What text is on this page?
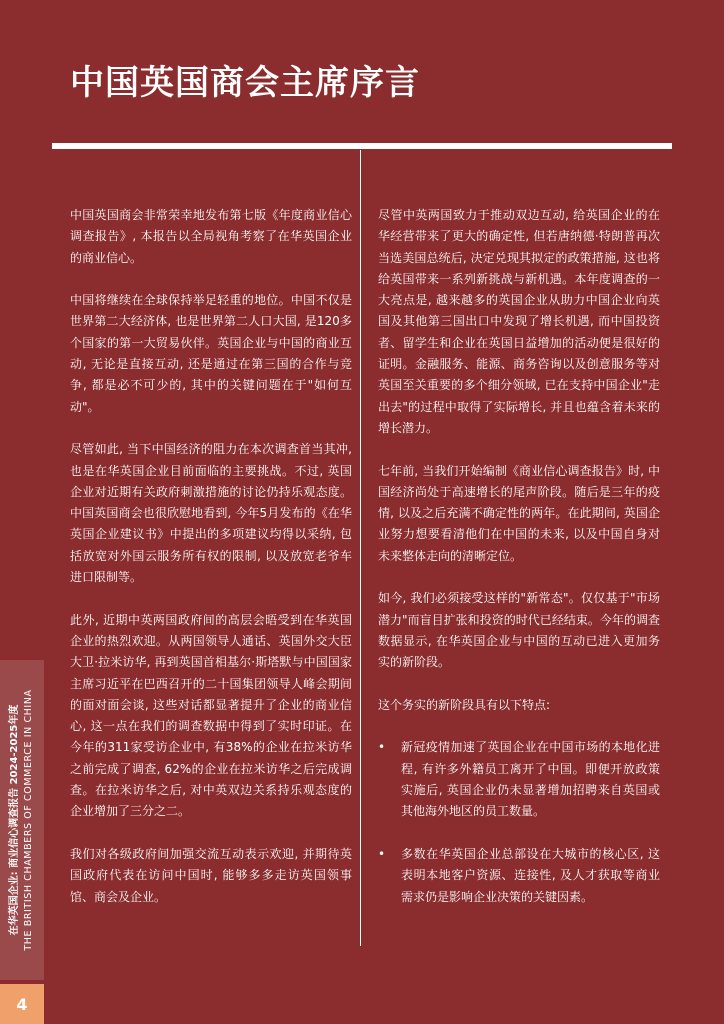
中国英国商会主席序言

中国英国商会非常荣幸地发布第七版《年度商业信心调查报告》, 本报告以全局视角考察了在华英国企业的商业信心。

中国将继续在全球保持举足轻重的地位。中国不仅是世界第二大经济体, 也是世界第二人口大国, 是120多个国家的第一大贸易伙伴。英国企业与中国的商业互动, 无论是直接互动, 还是通过在第三国的合作与竞争, 都是必不可少的, 其中的关键问题在于"如何互动"。

尽管如此, 当下中国经济的阻力在本次调查首当其冲, 也是在华英国企业目前面临的主要挑战。不过, 英国企业对近期有关政府刺激措施的讨论仍持乐观态度。中国英国商会也很欣慰地看到, 今年5月发布的《在华英国企业建议书》中提出的多项建议均得以采纳, 包括放宽对外国云服务所有权的限制, 以及放宽老爷车进口限制等。

此外, 近期中英两国政府间的高层会晤受到在华英国企业的热烈欢迎。从两国领导人通话、英国外交大臣大卫·拉米访华, 再到英国首相基尔·斯塔默与中国国家主席习近平在巴西召开的二十国集团领导人峰会期间的面对面会谈, 这些对话都显著提升了企业的商业信心, 这一点在我们的调查数据中得到了实时印证。在今年的311家受访企业中, 有38%的企业在拉米访华之前完成了调查, 62%的企业在拉米访华之后完成调查。在拉米访华之后, 对中英双边关系持乐观态度的企业增加了三分之二。

我们对各级政府间加强交流互动表示欢迎, 并期待英国政府代表在访问中国时, 能够多多走访英国领事馆、商会及企业。

尽管中英两国致力于推动双边互动, 给英国企业的在华经营带来了更大的确定性, 但若唐纳德·特朗普再次当选美国总统后, 决定兑现其拟定的政策措施, 这也将给英国带来一系列新挑战与新机遇。本年度调查的一大亮点是, 越来越多的英国企业从助力中国企业向英国及其他第三国出口中发现了增长机遇, 而中国投资者、留学生和企业在英国日益增加的活动便是很好的证明。金融服务、能源、商务咨询以及创意服务等对英国至关重要的多个细分领域, 已在支持中国企业"走出去"的过程中取得了实际增长, 并且也蕴含着未来的增长潜力。

七年前, 当我们开始编制《商业信心调查报告》时, 中国经济尚处于高速增长的尾声阶段。随后是三年的疫情, 以及之后充满不确定性的两年。在此期间, 英国企业努力想要看清他们在中国的未来, 以及中国自身对未来整体走向的清晰定位。

如今, 我们必须接受这样的"新常态"。仅仅基于"市场潜力"而盲目扩张和投资的时代已经结束。今年的调查数据显示, 在华英国企业与中国的互动已进入更加务实的新阶段。

这个务实的新阶段具有以下特点:

• 新冠疫情加速了英国企业在中国市场的本地化进程, 有许多外籍员工离开了中国。即便开放政策实施后, 英国企业仍未显著增加招聘来自英国或其他海外地区的员工数量。
• 多数在华英国企业总部设在大城市的核心区, 这表明本地客户资源、连接性, 及人才获取等商业需求仍是影响企业决策的关键因素。
在华英国企业: 商业信心调查报告 2024-2025年度 THE BRITISH CHAMBERS OF COMMERCE IN CHINA
4
